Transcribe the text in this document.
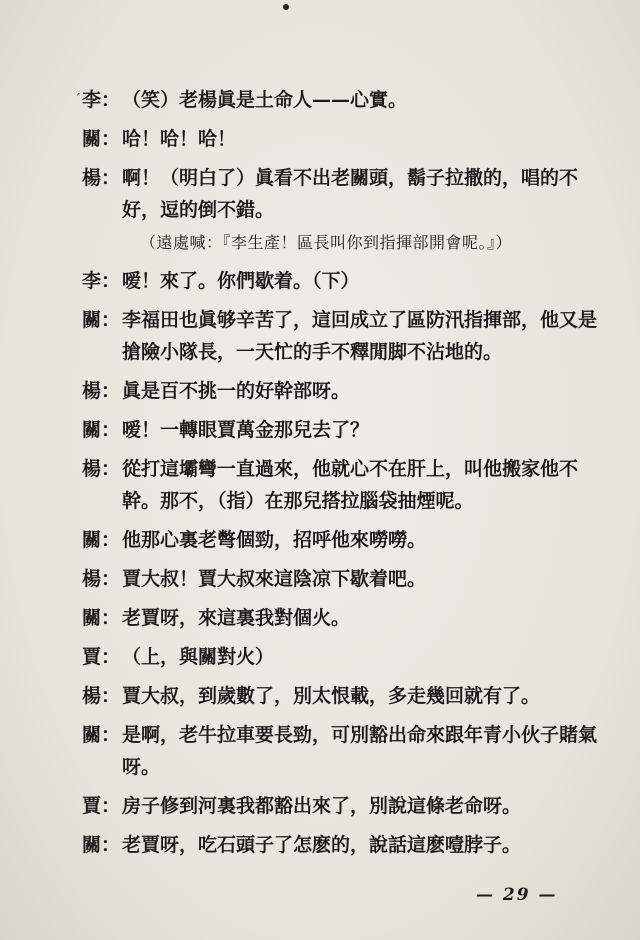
ˊ 李： （笑）老楊眞是土命人——心實。
關： 哈！哈！哈！
楊： 啊！（明白了）眞看不出老關頭，鬍子拉撒的，唱的不好，逗的倒不錯。
（遠處喊：『李生產！區長叫你到指揮部開會呢。』）
李： 嗳！來了。你們歇着。（下）
關： 李福田也眞够辛苦了，這回成立了區防汛指揮部，他又是搶險小隊長，一天忙的手不釋閒脚不沾地的。
楊： 眞是百不挑一的好幹部呀。
關： 嗳！一轉眼賈萬金那兒去了？
楊： 從打這壩彎一直過來，他就心不在肝上，叫他搬家他不幹。那不，（指）在那兒搭拉腦袋抽煙呢。
關： 他那心裏老彆個勁，招呼他來嘮嘮。
楊： 賈大叔！賈大叔來這陰凉下歇着吧。
關： 老賈呀，來這裏我對個火。
賈： （上，與關對火）
楊： 賈大叔，到歲數了，別太恨載，多走幾回就有了。
關： 是啊，老牛拉車要長勁，可別豁出命來跟年青小伙子賭氣呀。
賈： 房子修到河裏我都豁出來了，別說這條老命呀。
關： 老賈呀，吃石頭子了怎麽的，說話這麽噎脖子。
— 29 —
